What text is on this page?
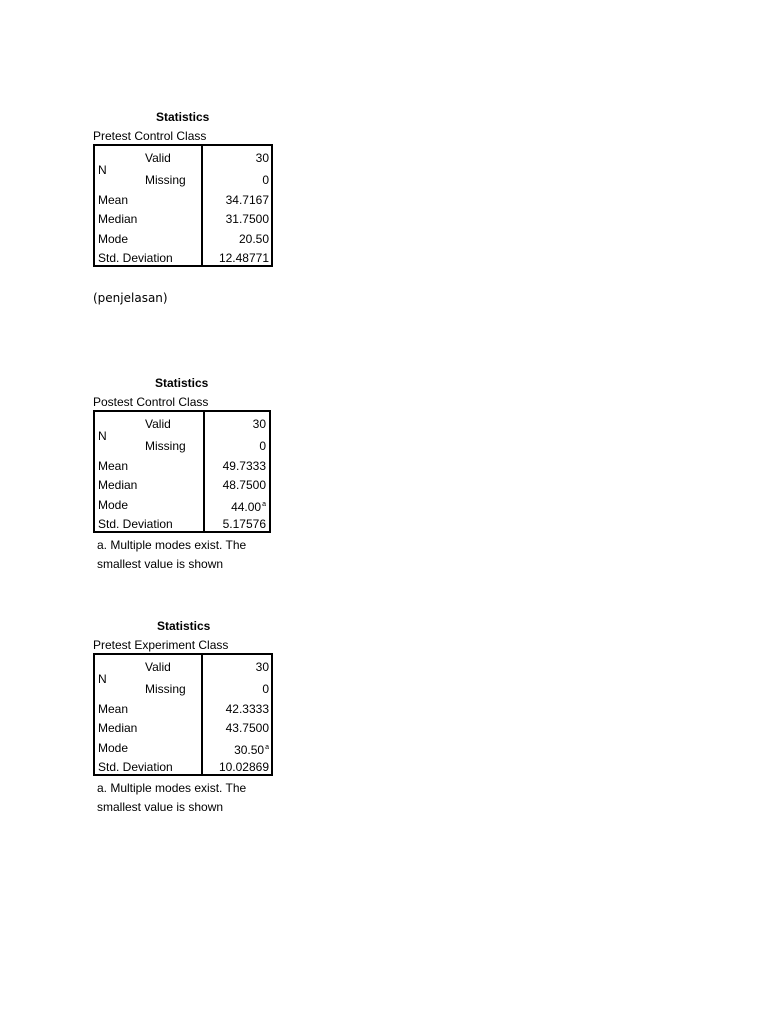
Statistics
Pretest Control Class
N
Valid	30
Missing	0
Mean	34.7167
Median	31.7500
Mode	20.50
Std. Deviation	12.48771
(penjelasan)
Statistics
Postest Control Class
N
Valid	30
Missing	0
Mean	49.7333
Median	48.7500
Mode	44.00$^a$
Std. Deviation	5.17576
a. Multiple modes exist. The
smallest value is shown
Statistics
Pretest Experiment Class
N
Valid	30
Missing	0
Mean	42.3333
Median	43.7500
Mode	30.50$^a$
Std. Deviation	10.02869
a. Multiple modes exist. The
smallest value is shown
